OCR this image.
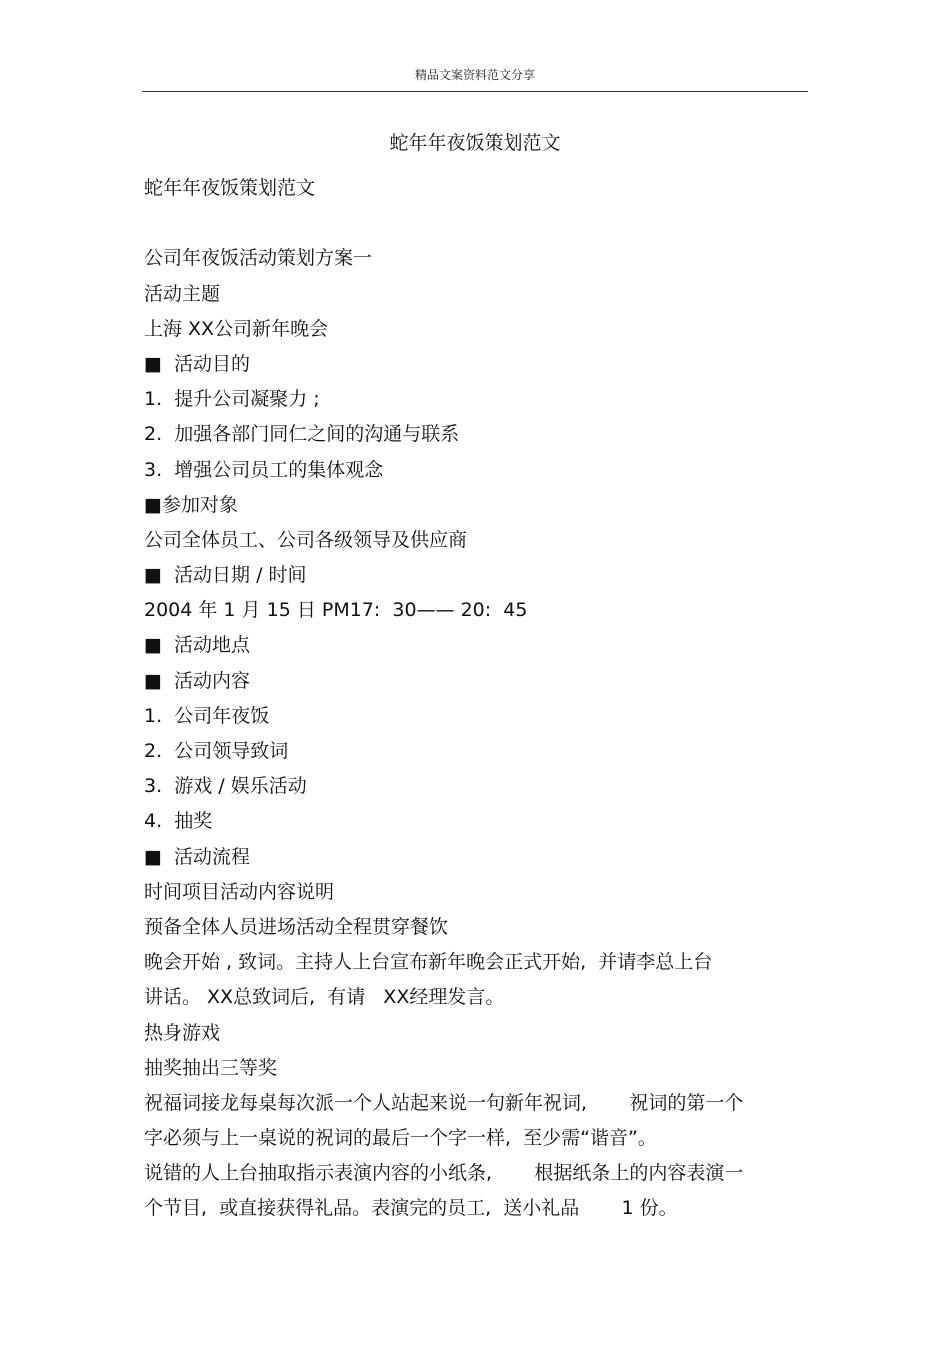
精品文案资料范文分享
蛇年年夜饭策划范文
蛇年年夜饭策划范文
公司年夜饭活动策划方案一
活动主题
上海 XX公司新年晚会
■  活动目的
1.  提升公司凝聚力 ;
2.  加强各部门同仁之间的沟通与联系
3.  增强公司员工的集体观念
■参加对象
公司全体员工、公司各级领导及供应商
■  活动日期 / 时间
2004 年 1 月 15 日 PM17:  30—— 20:  45
■  活动地点
■  活动内容
1.  公司年夜饭
2.  公司领导致词
3.  游戏 / 娱乐活动
4.  抽奖
■  活动流程
时间项目活动内容说明
预备全体人员进场活动全程贯穿餐饮
晚会开始 , 致词。主持人上台宣布新年晚会正式开始,  并请李总上台
讲话。 XX总致词后,  有请   XX经理发言。
热身游戏
抽奖抽出三等奖
祝福词接龙每桌每次派一个人站起来说一句新年祝词,       祝词的第一个
字必须与上一桌说的祝词的最后一个字一样,  至少需“谐音”。
说错的人上台抽取指示表演内容的小纸条,       根据纸条上的内容表演一
个节目,  或直接获得礼品。表演完的员工,  送小礼品       1 份。
